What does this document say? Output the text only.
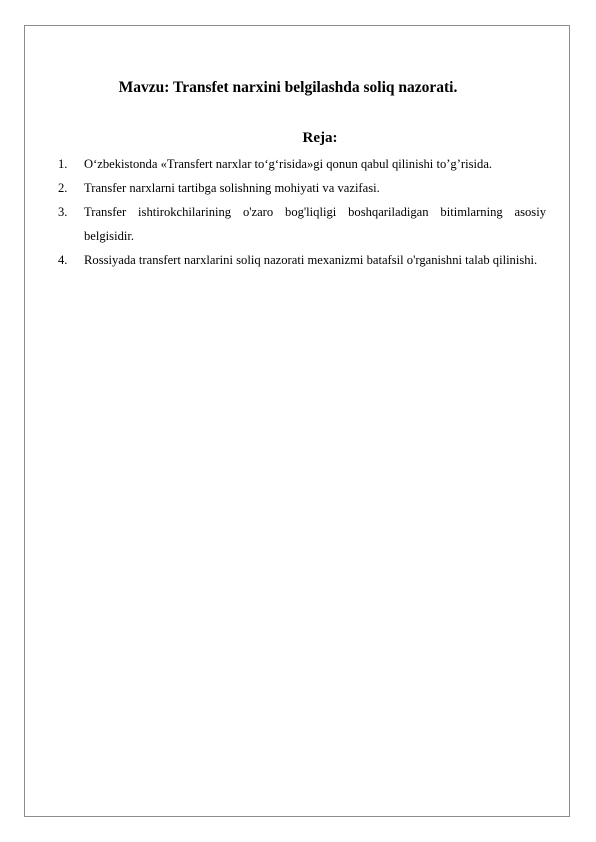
Mavzu: Transfet narxini belgilashda soliq nazorati.
Reja:
1. O‘zbekistonda «Transfert narxlar to‘g‘risida»gi qonun qabul qilinishi to’g’risida.
2. Transfer narxlarni tartibga solishning mohiyati va vazifasi.
3. Transfer ishtirokchilarining o'zaro bog'liqligi boshqariladigan bitimlarning asosiy belgisidir.
4. Rossiyada transfert narxlarini soliq nazorati mexanizmi batafsil o'rganishni talab qilinishi.
